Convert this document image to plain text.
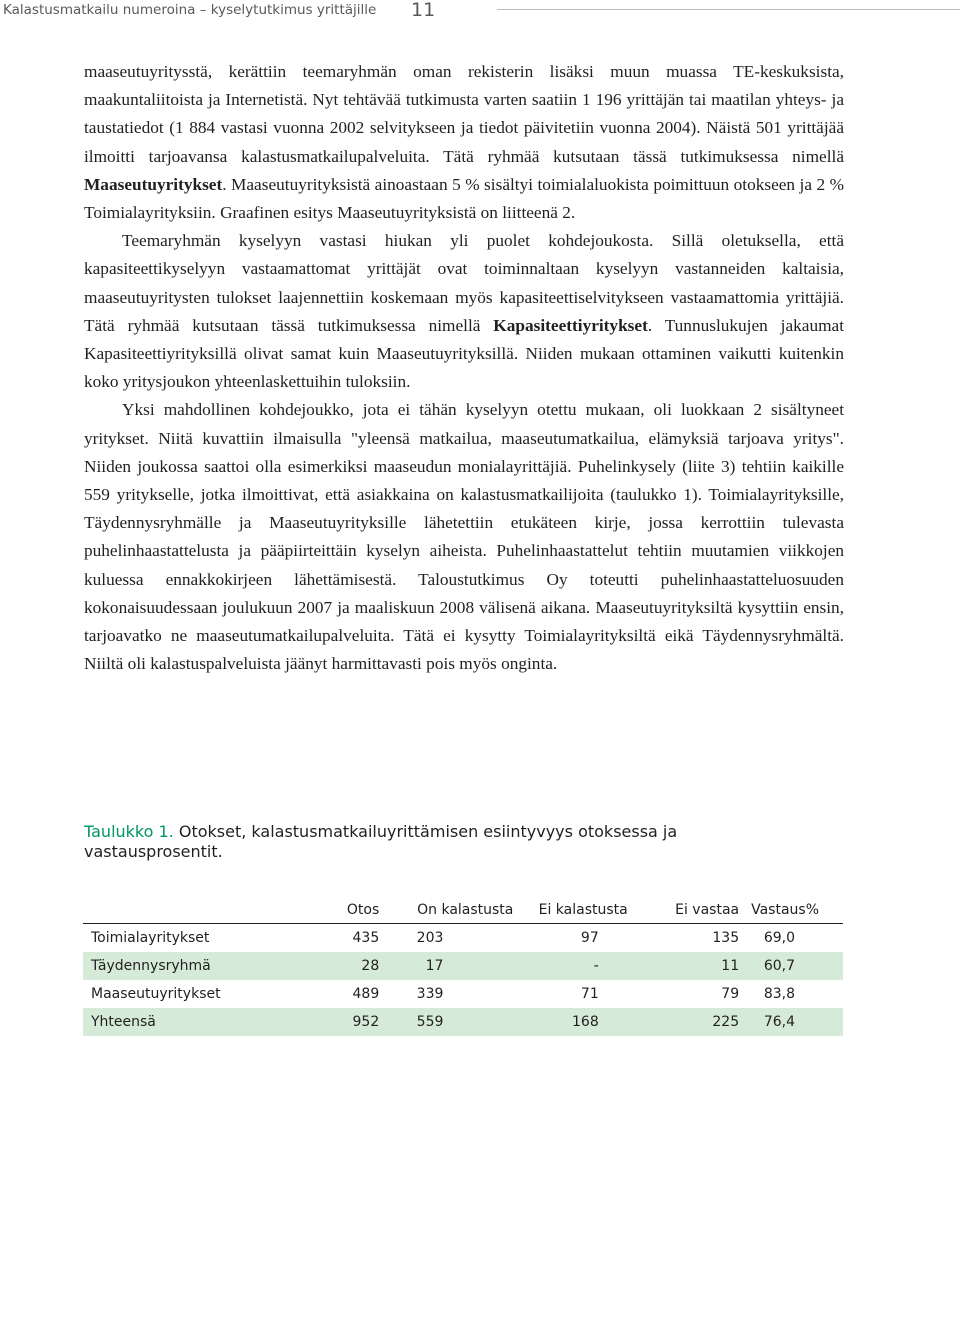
Kalastusmatkailu numeroina – kyselytutkimus yrittäjille 11

maaseutuyritysstä, kerättiin teemaryhmän oman rekisterin lisäksi muun muassa TE-keskuksista, maakuntaliitoista ja Internetistä. Nyt tehtävää tutkimusta varten saatiin 1 196 yrittäjän tai maatilan yhteys- ja taustatiedot (1 884 vastasi vuonna 2002 selvitykseen ja tiedot päivitetiin vuonna 2004). Näistä 501 yrittäjää ilmoitti tarjoavansa kalastusmatkailupalveluita. Tätä ryhmää kutsutaan tässä tutkimuksessa nimellä Maaseutuyritykset. Maaseutuyrityksistä ainoastaan 5 % sisältyi toimialaluokista poimittuun otokseen ja 2 % Toimialayrityksiin. Graafinen esitys Maaseutuyrityksistä on liitteenä 2.

Teemaryhmän kyselyyn vastasi hiukan yli puolet kohdejoukosta. Sillä oletuksella, että kapasiteettikyselyyn vastaamattomat yrittäjät ovat toiminnaltaan kyselyyn vastanneiden kaltaisia, maaseutuyritysten tulokset laajennettiin koskemaan myös kapasiteettiselvitykseen vastaamattomia yrittäjiä. Tätä ryhmää kutsutaan tässä tutkimuksessa nimellä Kapasiteettiyritykset. Tunnuslukujen jakaumat Kapasiteettiyrityksillä olivat samat kuin Maaseutuyrityksillä. Niiden mukaan ottaminen vaikutti kuitenkin koko yritysjoukon yhteenlaskettuihin tuloksiin.

Yksi mahdollinen kohdejoukko, jota ei tähän kyselyyn otettu mukaan, oli luokkaan 2 sisältyneet yritykset. Niitä kuvattiin ilmaisulla "yleensä matkailua, maaseutumatkailua, elämyksiä tarjoava yritys". Niiden joukossa saattoi olla esimerkiksi maaseudun monialayrittäjiä. Puhelinkysely (liite 3) tehtiin kaikille 559 yritykselle, jotka ilmoittivat, että asiakkaina on kalastusmatkailijoita (taulukko 1). Toimialayrityksille, Täydennysryhmälle ja Maaseutuyrityksille lähetettiin etukäteen kirje, jossa kerrottiin tulevasta puhelinhaastattelusta ja pääpiirteittäin kyselyn aiheista. Puhelinhaastattelut tehtiin muutamien viikkojen kuluessa ennakkokirjeen lähettämisestä. Taloustutkimus Oy toteutti puhelinhaastatteluosuuden kokonaisuudessaan joulukuun 2007 ja maaliskuun 2008 välisenä aikana. Maaseutuyrityksiltä kysyttiin ensin, tarjoavatko ne maaseutumatkailupalveluita. Tätä ei kysytty Toimialayrityksiltä eikä Täydennysryhmältä. Niiltä oli kalastuspalveluista jäänyt harmittavasti pois myös onginta.

Taulukko 1. Otokset, kalastusmatkailuyrittämisen esiintyvyys otoksessa ja vastausprosentit.
	Otos	On kalastusta	Ei kalastusta	Ei vastaa	Vastaus%
Toimialayritykset	435	203	97	135	69,0
Täydennysryhmä	28	17	-	11	60,7
Maaseutuyritykset	489	339	71	79	83,8
Yhteensä	952	559	168	225	76,4
